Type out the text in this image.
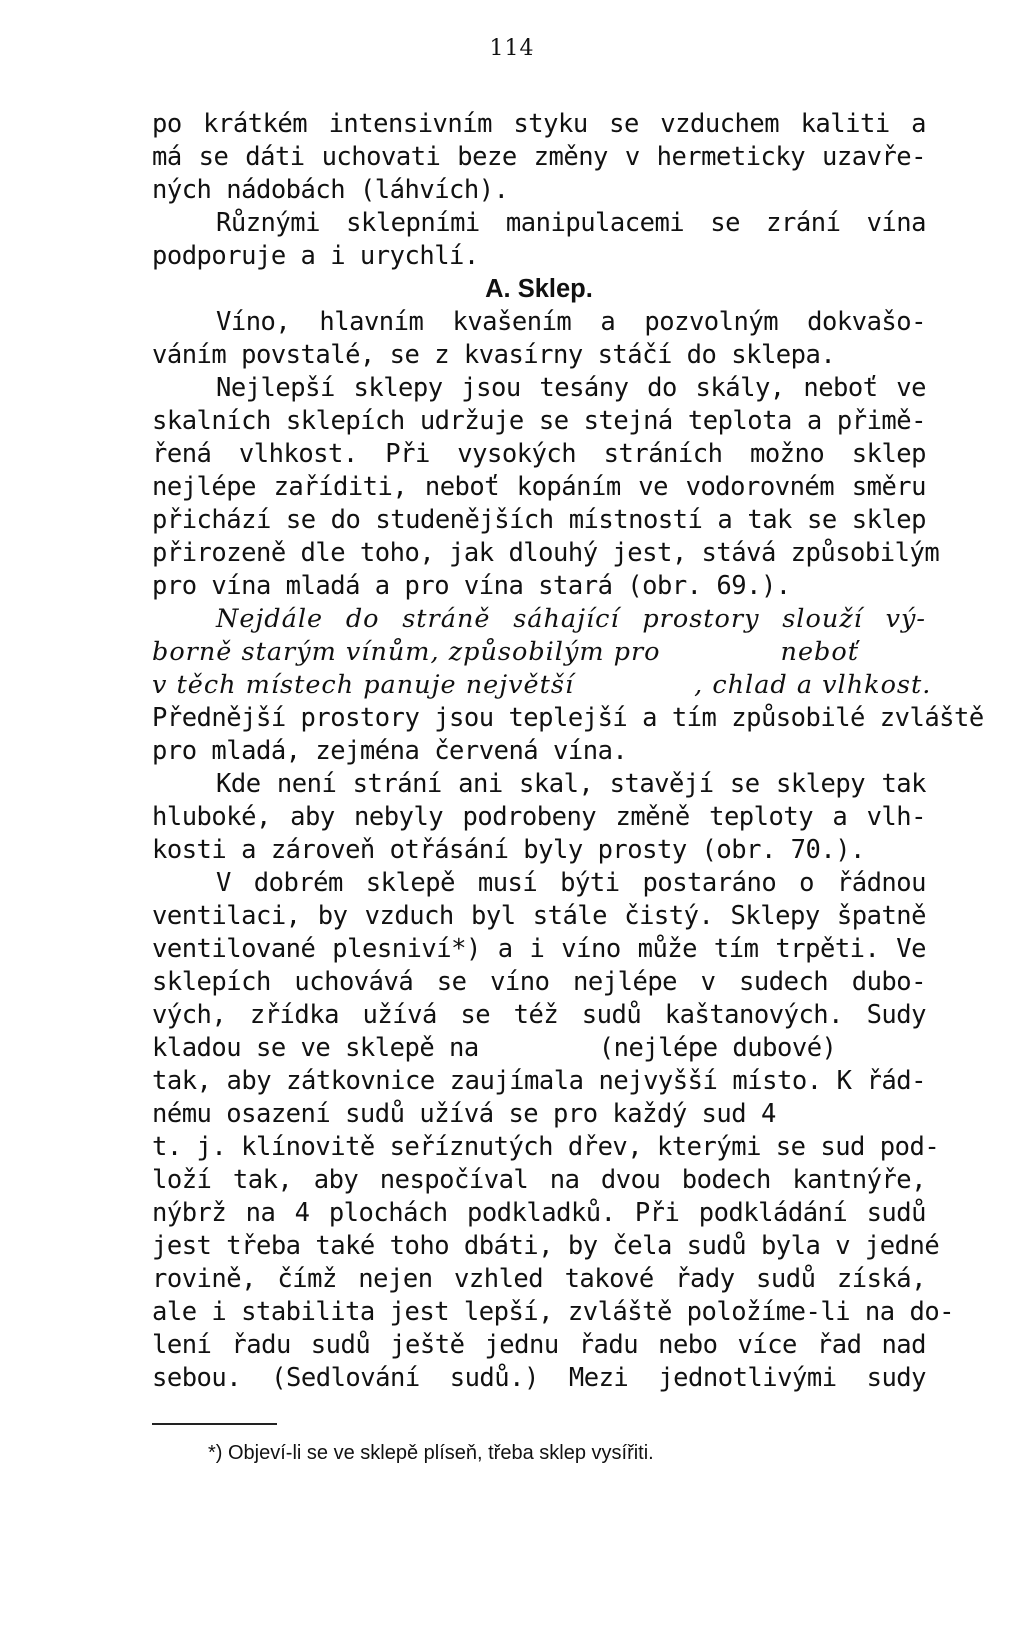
114
po krátkém intensivním styku se vzduchem kaliti a
má se dáti uchovati beze změny v hermeticky uzavře-
ných nádobách (láhvích).
Různými sklepními manipulacemi se zrání vína
podporuje a i urychlí.
A. Sklep.
Víno, hlavním kvašením a pozvolným dokvašo-
váním povstalé, se z kvasírny stáčí do sklepa.
Nejlepší sklepy jsou tesány do skály, neboť ve
skalních sklepích udržuje se stejná teplota a přimě-
řená vlhkost. Při vysokých stráních možno sklep
nejlépe zaříditi, neboť kopáním ve vodorovném směru
přichází se do studenějších místností a tak se sklep
přirozeně dle toho, jak dlouhý jest, stává způsobilým
pro vína mladá a pro vína stará (obr. 69.).
Nejdále do stráně sáhající prostory slouží vý-
borně starým vínům, způsobilým pro	neboť
v těch místech panuje největší	, chlad a vlhkost.
Přednější prostory jsou teplejší a tím způsobilé zvláště
pro mladá, zejména červená vína.
Kde není strání ani skal, stavějí se sklepy tak
hluboké, aby nebyly podrobeny změně teploty a vlh-
kosti a zároveň otřásání byly prosty (obr. 70.).
V dobrém sklepě musí býti postaráno o řádnou
ventilaci, by vzduch byl stále čistý. Sklepy špatně
ventilované plesniví*) a i víno může tím trpěti. Ve
sklepích uchovává se víno nejlépe v sudech dubo-
vých, zřídka užívá se též sudů kaštanových. Sudy
kladou se ve sklepě na	(nejlépe dubové)
tak, aby zátkovnice zaujímala nejvyšší místo. K řád-
nému osazení sudů užívá se pro každý sud 4
t. j. klínovitě seříznutých dřev, kterými se sud pod-
loží tak, aby nespočíval na dvou bodech kantnýře,
nýbrž na 4 plochách podkladků. Při podkládání sudů
jest třeba také toho dbáti, by čela sudů byla v jedné
rovině, čímž nejen vzhled takové řady sudů získá,
ale i stabilita jest lepší, zvláště položíme-li na do-
lení řadu sudů ještě jednu řadu nebo více řad nad
sebou. (Sedlování sudů.) Mezi jednotlivými sudy
*) Objeví-li se ve sklepě plíseň, třeba sklep vysířiti.
